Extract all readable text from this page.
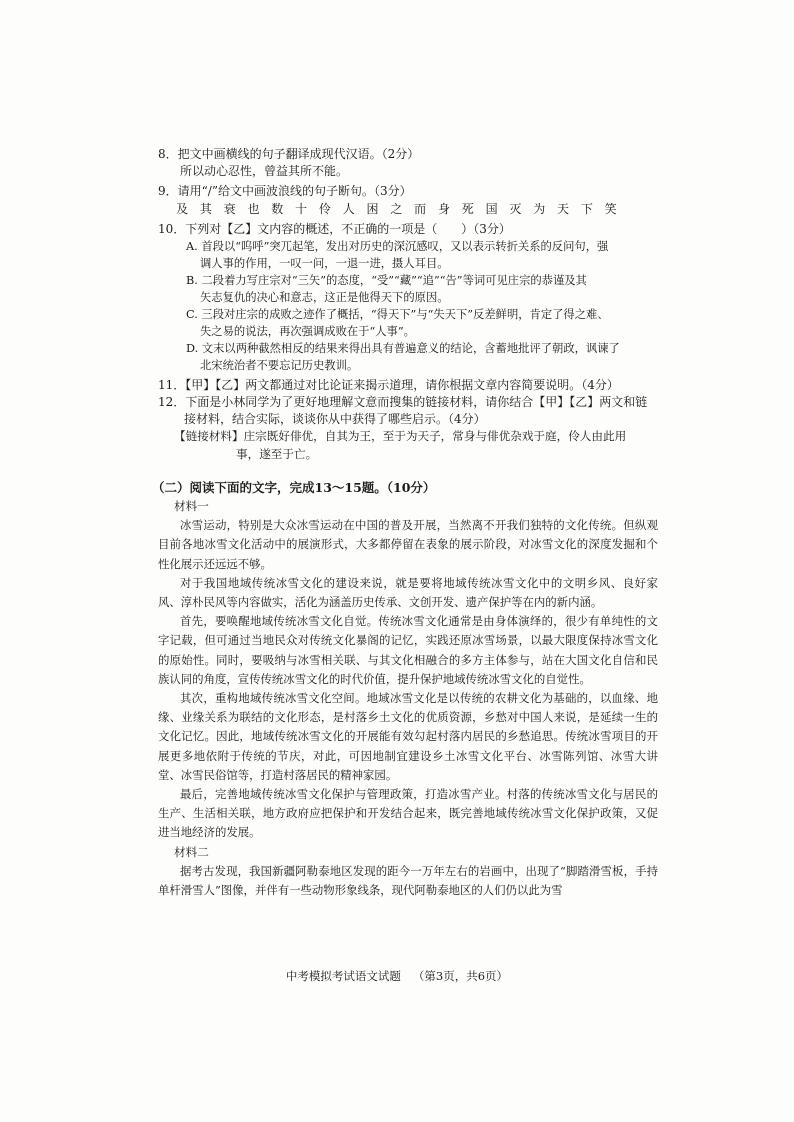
8．把文中画横线的句子翻译成现代汉语。（2分）

所以动心忍性，曾益其所不能。

9．请用“/”给文中画波浪线的句子断句。（3分）

及 其 衰 也 数 十 伶 人 困 之 而 身 死 国 灭 为 天 下 笑

10．下列对【乙】文内容的概述，不正确的一项是（　　）（3分）

A. 首段以“呜呼”突兀起笔，发出对历史的深沉感叹，又以表示转折关系的反问句，强
调人事的作用，一叹一问，一退一进，摄人耳目。

B. 二段着力写庄宗对“三矢”的态度，“受”“藏”“追”“告”等词可见庄宗的恭谨及其
矢志复仇的决心和意志，这正是他得天下的原因。

C. 三段对庄宗的成败之迹作了概括，“得天下”与“失天下”反差鲜明，肯定了得之难、
失之易的说法，再次强调成败在于“人事”。

D. 文末以两种截然相反的结果来得出具有普遍意义的结论，含蓄地批评了朝政，讽谏了
北宋统治者不要忘记历史教训。

11．【甲】【乙】两文都通过对比论证来揭示道理，请你根据文章内容简要说明。（4分）

12．下面是小林同学为了更好地理解文意而搜集的链接材料，请你结合【甲】【乙】两文和链

接材料，结合实际，谈谈你从中获得了哪些启示。（4分）

【链接材料】庄宗既好俳优，自其为王，至于为天子，常身与俳优杂戏于庭，伶人由此用

事，遂至于亡。

（二）阅读下面的文字，完成13～15题。（10分）

材料一

冰雪运动，特别是大众冰雪运动在中国的普及开展，当然离不开我们独特的文化传统。但纵观目前各地冰雪文化活动中的展演形式，大多都停留在表象的展示阶段，对冰雪文化的深度发掘和个性化展示还远远不够。

对于我国地域传统冰雪文化的建设来说，就是要将地域传统冰雪文化中的文明乡风、良好家风、淳朴民风等内容做实，活化为涵盖历史传承、文创开发、遗产保护等在内的新内涵。

首先，要唤醒地域传统冰雪文化自觉。传统冰雪文化通常是由身体演绎的，很少有单纯性的文字记载，但可通过当地民众对传统文化暴阁的记忆，实践还原冰雪场景，以最大限度保持冰雪文化的原始性。同时，要吸纳与冰雪相关联、与其文化相融合的多方主体参与，站在大国文化自信和民族认同的角度，宣传传统冰雪文化的时代价值，提升保护地域传统冰雪文化的自觉性。

其次，重构地域传统冰雪文化空间。地域冰雪文化是以传统的农耕文化为基础的，以血缘、地缘、业缘关系为联结的文化形态，是村落乡土文化的优质资源，乡愁对中国人来说，是延续一生的文化记忆。因此，地域传统冰雪文化的开展能有效勾起村落内居民的乡愁追思。传统冰雪项目的开展更多地依附于传统的节庆，对此，可因地制宜建设乡土冰雪文化平台、冰雪陈列馆、冰雪大讲堂、冰雪民俗馆等，打造村落居民的精神家园。

最后，完善地域传统冰雪文化保护与管理政策，打造冰雪产业。村落的传统冰雪文化与居民的生产、生活相关联，地方政府应把保护和开发结合起来，既完善地域传统冰雪文化保护政策，又促进当地经济的发展。

材料二

据考古发现，我国新疆阿勒泰地区发现的距今一万年左右的岩画中，出现了“脚踏滑雪板，手持单杆滑雪人”图像，并伴有一些动物形象线条，现代阿勒泰地区的人们仍以此为雪

中考模拟考试语文试题 （第3页，共6页）
